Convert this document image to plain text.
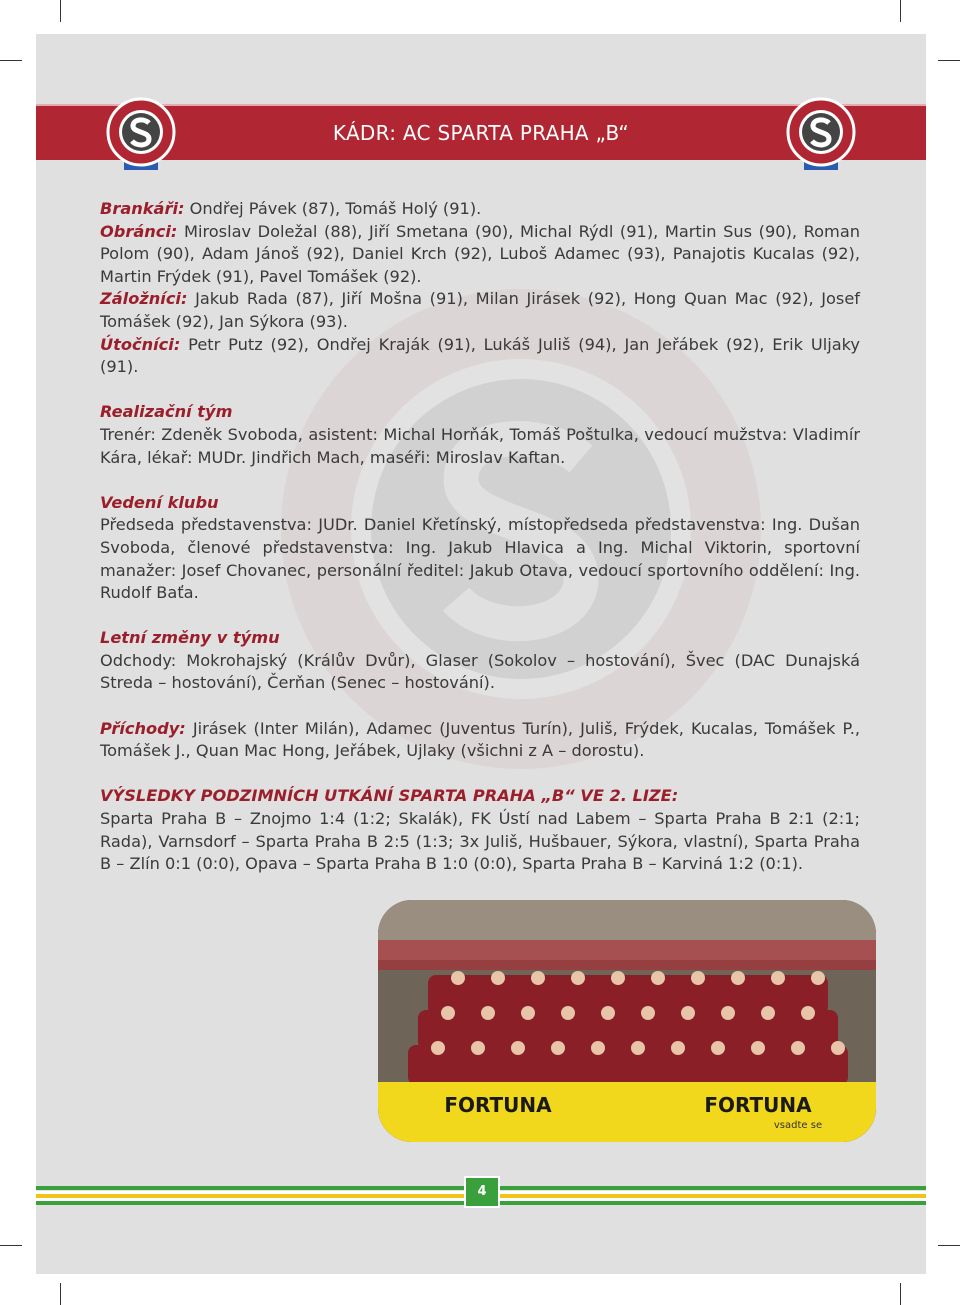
KÁDR: AC SPARTA PRAHA „B“

Brankáři: Ondřej Pávek (87), Tomáš Holý (91).

Obránci: Miroslav Doležal (88), Jiří Smetana (90), Michal Rýdl (91), Martin Sus (90), Roman Polom (90), Adam Jánoš (92), Daniel Krch (92), Luboš Adamec (93), Panajotis Kucalas (92), Martin Frýdek (91), Pavel Tomášek (92).

Záložníci: Jakub Rada (87), Jiří Mošna (91), Milan Jirásek (92), Hong Quan Mac (92), Josef Tomášek (92), Jan Sýkora (93).

Útočníci: Petr Putz (92), Ondřej Kraják (91), Lukáš Juliš (94), Jan Jeřábek (92), Erik Uljaky (91).

Realizační tým

Trenér: Zdeněk Svoboda, asistent: Michal Horňák, Tomáš Poštulka, vedoucí mužstva: Vladimír Kára, lékař: MUDr. Jindřich Mach, maséři: Miroslav Kaftan.

Vedení klubu

Předseda představenstva: JUDr. Daniel Křetínský, místopředseda představenstva: Ing. Dušan Svoboda, členové představenstva: Ing. Jakub Hlavica a Ing. Michal Viktorin, sportovní manažer: Josef Chovanec, personální ředitel: Jakub Otava, vedoucí sportovního oddělení: Ing. Rudolf Baťa.

Letní změny v týmu

Odchody: Mokrohajský (Králův Dvůr), Glaser (Sokolov – hostování), Švec (DAC Dunajská Streda – hostování), Čerňan (Senec – hostování).

Příchody: Jirásek (Inter Milán), Adamec (Juventus Turín), Juliš, Frýdek, Kucalas, Tomášek P., Tomášek J., Quan Mac Hong, Jeřábek, Ujlaky (všichni z A – dorostu).

VÝSLEDKY PODZIMNÍCH UTKÁNÍ SPARTA PRAHA „B“ VE 2. LIZE:

Sparta Praha B – Znojmo 1:4 (1:2; Skalák), FK Ústí nad Labem – Sparta Praha B 2:1 (2:1; Rada), Varnsdorf – Sparta Praha B 2:5 (1:3; 3x Juliš, Hušbauer, Sýkora, vlastní), Sparta Praha B – Zlín 0:1 (0:0), Opava – Sparta Praha B 1:0 (0:0), Sparta Praha B – Karviná 1:2 (0:1).

FORTUNA	FORTUNA
vsadte se
4
